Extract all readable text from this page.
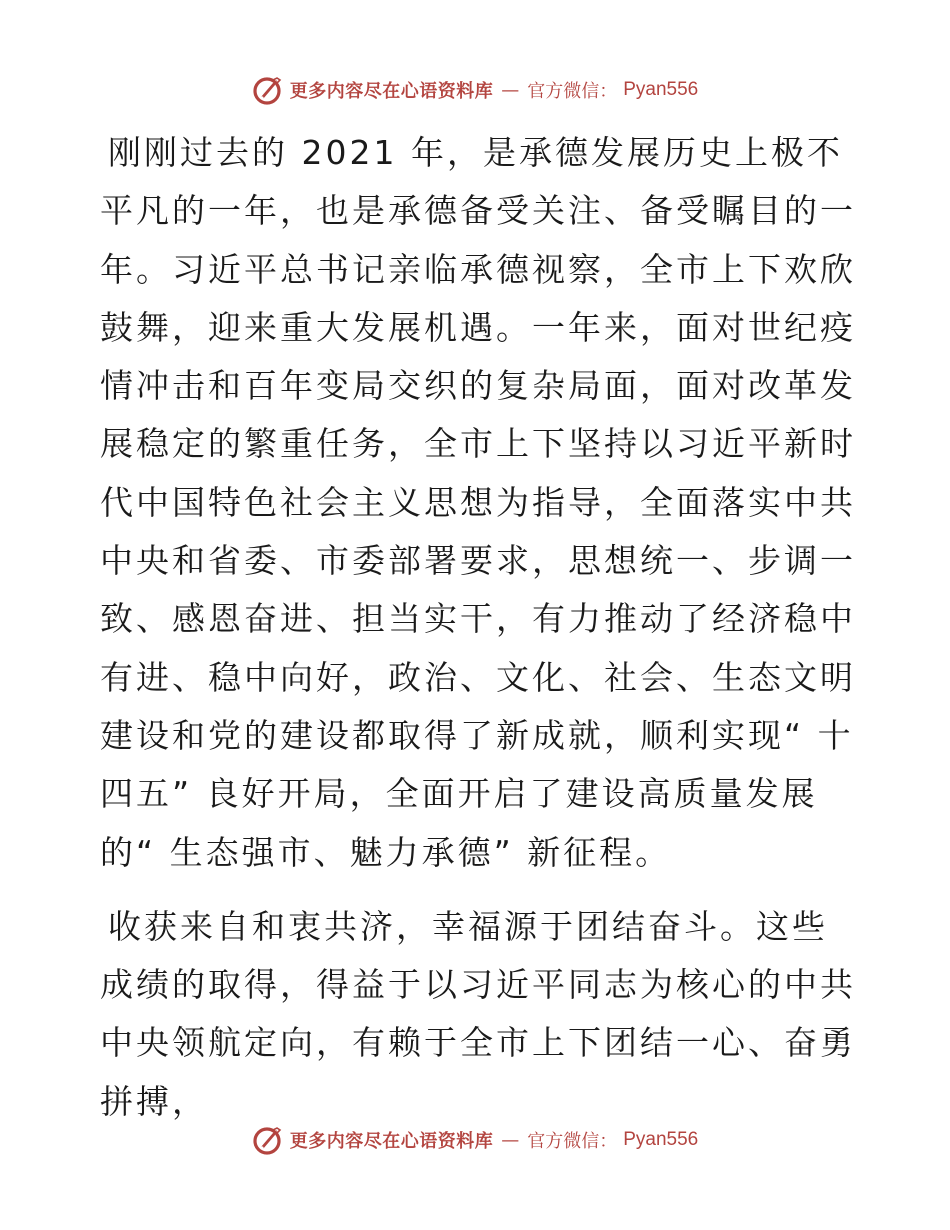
更多内容尽在心语资料库 — 官方微信： Pyan556

刚刚过去的 2021 年，是承德发展历史上极不平凡的一年，也是承德备受关注、备受瞩目的一年。习近平总书记亲临承德视察，全市上下欢欣鼓舞，迎来重大发展机遇。一年来，面对世纪疫情冲击和百年变局交织的复杂局面，面对改革发展稳定的繁重任务，全市上下坚持以习近平新时代中国特色社会主义思想为指导，全面落实中共中央和省委、市委部署要求，思想统一、步调一致、感恩奋进、担当实干，有力推动了经济稳中有进、稳中向好，政治、文化、社会、生态文明建设和党的建设都取得了新成就，顺利实现“ 十四五” 良好开局，全面开启了建设高质量发展的“ 生态强市、魅力承德” 新征程。

收获来自和衷共济，幸福源于团结奋斗。这些成绩的取得，得益于以习近平同志为核心的中共中央领航定向，有赖于全市上下团结一心、奋勇拼搏，

更多内容尽在心语资料库 — 官方微信： Pyan556
